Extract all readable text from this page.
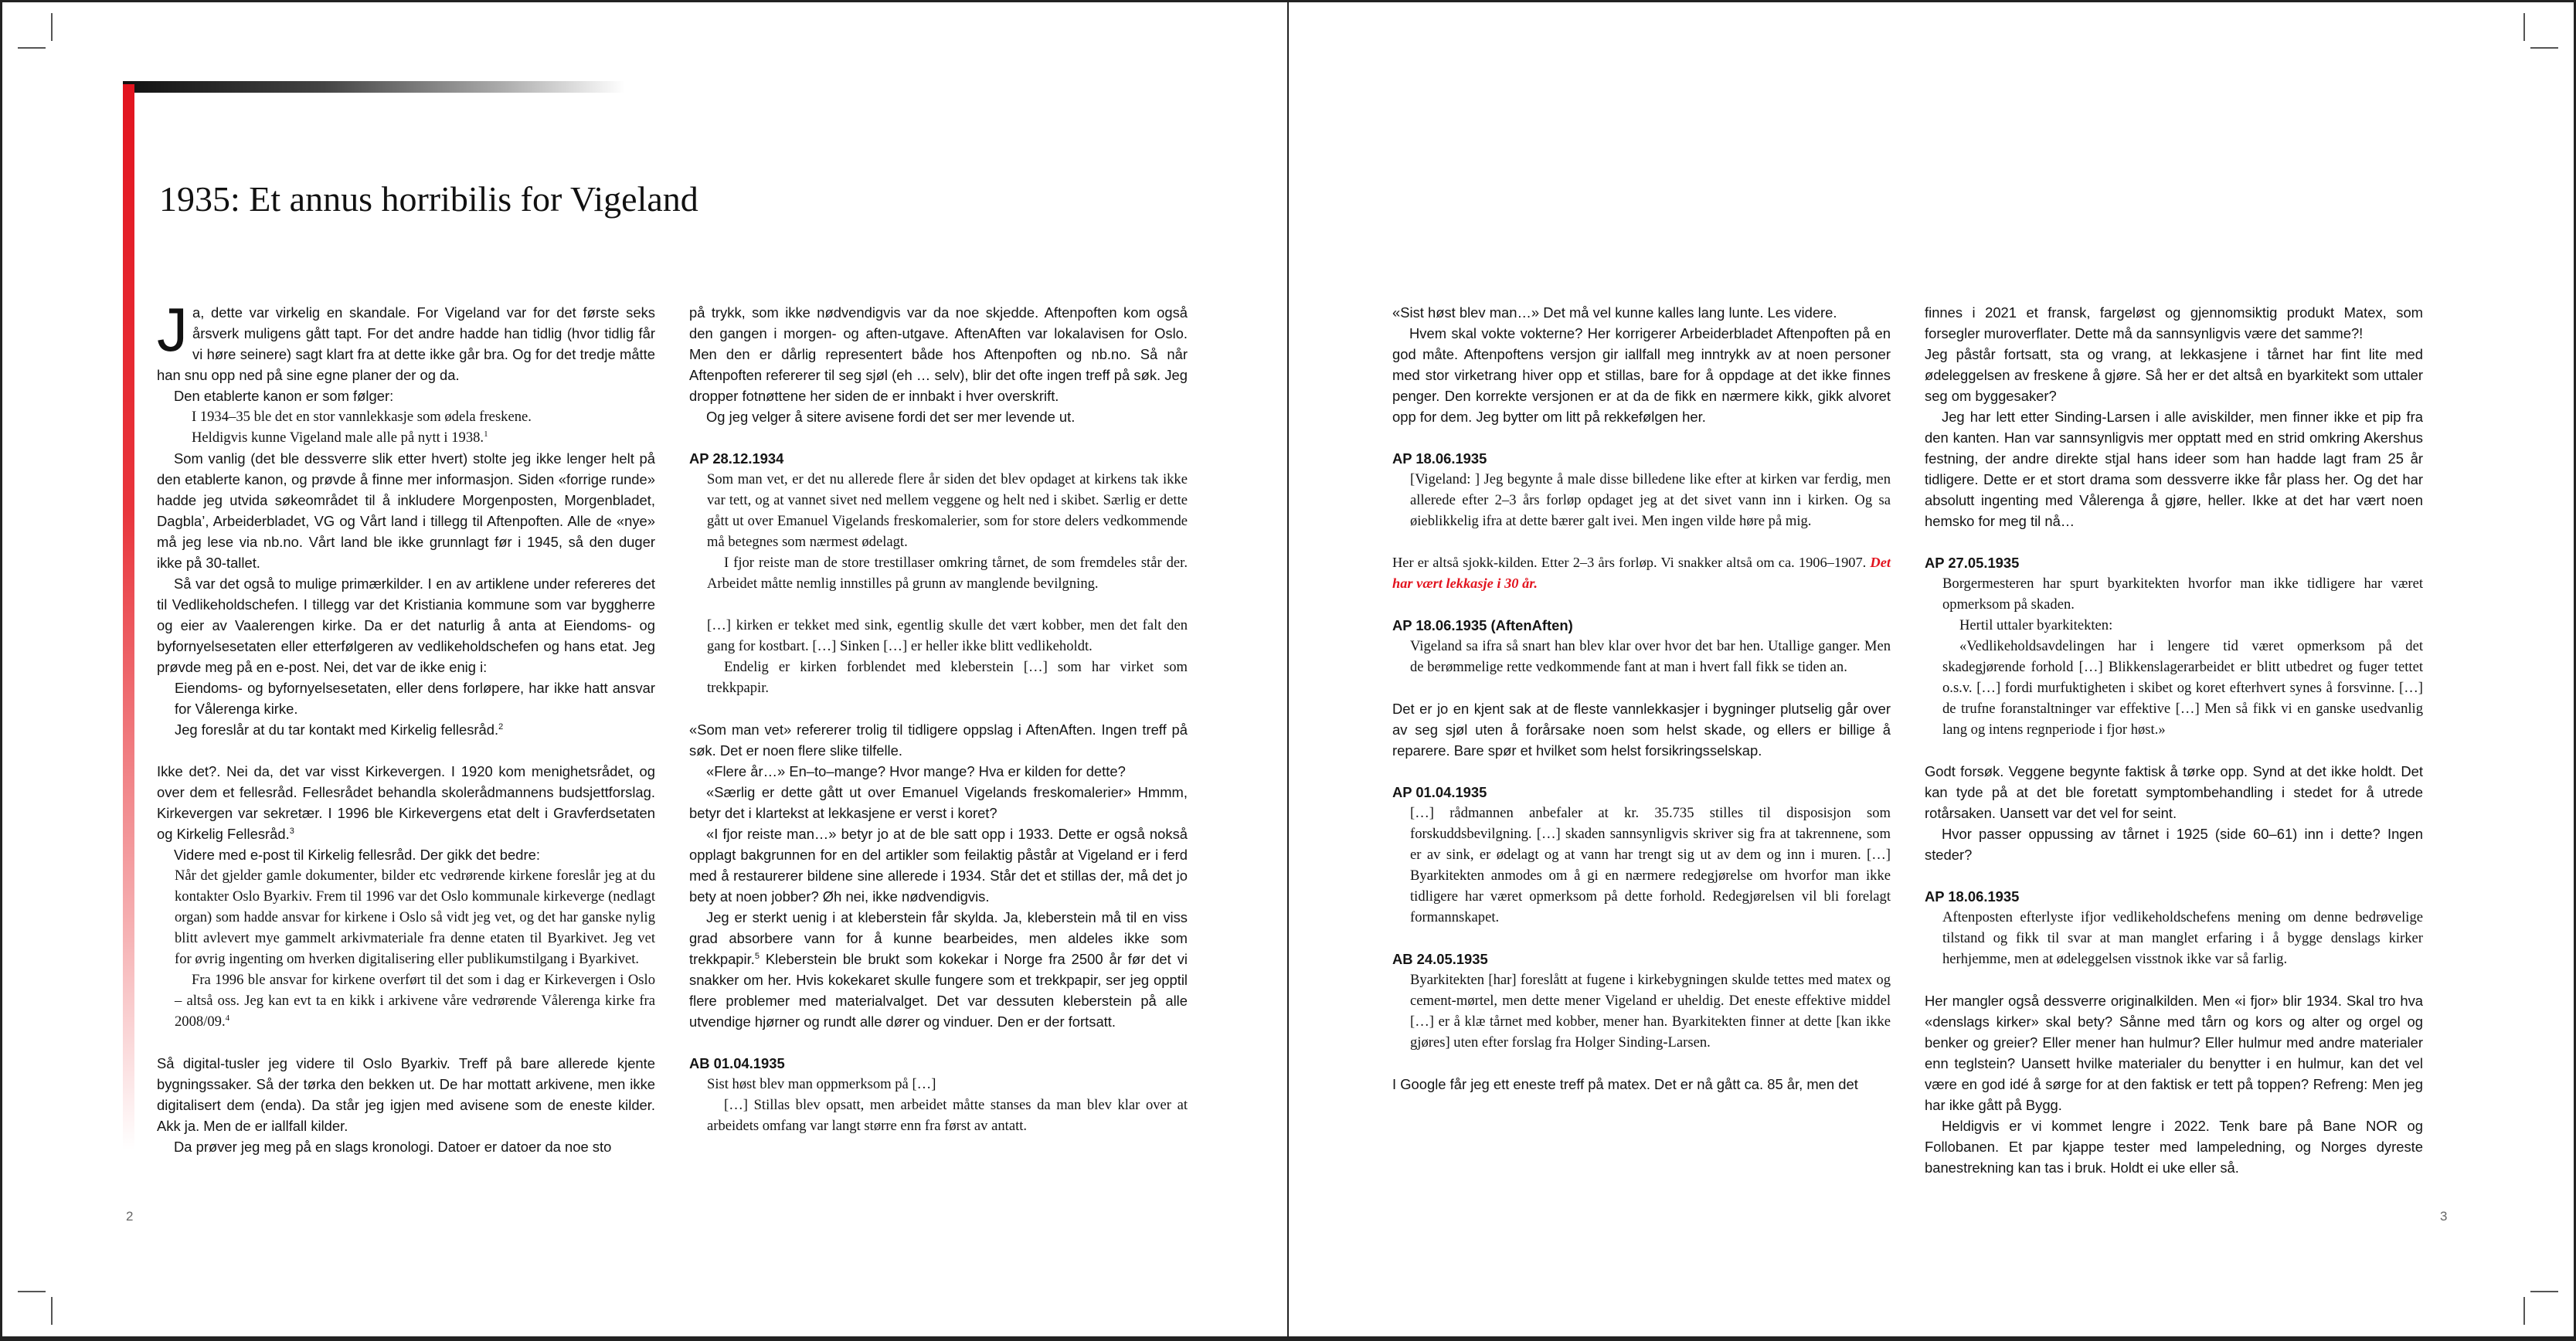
1935: Et annus horribilis for Vigeland

Ja, dette var virkelig en skandale. For Vigeland var for det første seks årsverk muligens gått tapt. For det andre hadde han tidlig (hvor tidlig får vi høre seinere) sagt klart fra at dette ikke går bra. Og for det tredje måtte han snu opp ned på sine egne planer der og da.

Den etablerte kanon er som følger:

I 1934–35 ble det en stor vannlekkasje som ødela freskene.

Heldigvis kunne Vigeland male alle på nytt i 1938.$^1$

Som vanlig (det ble dessverre slik etter hvert) stolte jeg ikke lenger helt på den etablerte kanon, og prøvde å finne mer informasjon. Siden «forrige runde» hadde jeg utvida søkeområdet til å inkludere Morgenposten, Morgenbladet, Dagbla’, Arbeiderbladet, VG og Vårt land i tillegg til Aftenpoften. Alle de «nye» må jeg lese via nb.no. Vårt land ble ikke grunnlagt før i 1945, så den duger ikke på 30-tallet.

Så var det også to mulige primærkilder. I en av artiklene under refereres det til Vedlikeholdschefen. I tillegg var det Kristiania kommune som var byggherre og eier av Vaalerengen kirke. Da er det naturlig å anta at Eiendoms- og byfornyelsesetaten eller etterfølgeren av vedlikeholdschefen og hans etat. Jeg prøvde meg på en e-post. Nei, det var de ikke enig i:

Eiendoms- og byfornyelsesetaten, eller dens forløpere, har ikke hatt ansvar for Vålerenga kirke.

Jeg foreslår at du tar kontakt med Kirkelig fellesråd.$^2$

Ikke det?. Nei da, det var visst Kirkevergen. I 1920 kom menighetsrådet, og over dem et fellesråd. Fellesrådet behandla skolerådmannens budsjettforslag. Kirkevergen var sekretær. I 1996 ble Kirkevergens etat delt i Gravferdsetaten og Kirkelig Fellesråd.$^3$

Videre med e-post til Kirkelig fellesråd. Der gikk det bedre:

Når det gjelder gamle dokumenter, bilder etc vedrørende kirkene foreslår jeg at du kontakter Oslo Byarkiv. Frem til 1996 var det Oslo kommunale kirkeverge (nedlagt organ) som hadde ansvar for kirkene i Oslo så vidt jeg vet, og det har ganske nylig blitt avlevert mye gammelt arkivmateriale fra denne etaten til Byarkivet. Jeg vet for øvrig ingenting om hverken digitalisering eller publikumstilgang i Byarkivet.

Fra 1996 ble ansvar for kirkene overført til det som i dag er Kirkevergen i Oslo – altså oss. Jeg kan evt ta en kikk i arkivene våre vedrørende Vålerenga kirke fra 2008/09.$^4$

Så digital-tusler jeg videre til Oslo Byarkiv. Treff på bare allerede kjente bygningssaker. Så der tørka den bekken ut. De har mottatt arkivene, men ikke digitalisert dem (enda). Da står jeg igjen med avisene som de eneste kilder. Akk ja. Men de er iallfall kilder.

Da prøver jeg meg på en slags kronologi. Datoer er datoer da noe sto

på trykk, som ikke nødvendigvis var da noe skjedde. Aftenpoften kom også den gangen i morgen- og aften-utgave. AftenAften var lokalavisen for Oslo. Men den er dårlig representert både hos Aftenpoften og nb.no. Så når Aftenpoften refererer til seg sjøl (eh … selv), blir det ofte ingen treff på søk. Jeg dropper fotnøttene her siden de er innbakt i hver overskrift.

Og jeg velger å sitere avisene fordi det ser mer levende ut.

AP 28.12.1934

Som man vet, er det nu allerede flere år siden det blev opdaget at kirkens tak ikke var tett, og at vannet sivet ned mellem veggene og helt ned i skibet. Særlig er dette gått ut over Emanuel Vigelands freskomalerier, som for store delers vedkommende må betegnes som nærmest ødelagt.

I fjor reiste man de store trestillaser omkring tårnet, de som fremdeles står der. Arbeidet måtte nemlig innstilles på grunn av manglende bevilgning.

[…] kirken er tekket med sink, egentlig skulle det vært kobber, men det falt den gang for kostbart. […] Sinken […] er heller ikke blitt vedlikeholdt.

Endelig er kirken forblendet med kleberstein […] som har virket som trekkpapir.

«Som man vet» refererer trolig til tidligere oppslag i AftenAften. Ingen treff på søk. Det er noen flere slike tilfelle.

«Flere år…» En–to–mange? Hvor mange? Hva er kilden for dette?

«Særlig er dette gått ut over Emanuel Vigelands freskomalerier» Hmmm, betyr det i klartekst at lekkasjene er verst i koret?

«I fjor reiste man…» betyr jo at de ble satt opp i 1933. Dette er også nokså opplagt bakgrunnen for en del artikler som feilaktig påstår at Vigeland er i ferd med å restaurerer bildene sine allerede i 1934. Står det et stillas der, må det jo bety at noen jobber? Øh nei, ikke nødvendigvis.

Jeg er sterkt uenig i at kleberstein får skylda. Ja, kleberstein må til en viss grad absorbere vann for å kunne bearbeides, men aldeles ikke som trekkpapir.$^5$ Kleberstein ble brukt som kokekar i Norge fra 2500 år før det vi snakker om her. Hvis kokekaret skulle fungere som et trekkpapir, ser jeg opptil flere problemer med materialvalget. Det var dessuten kleberstein på alle utvendige hjørner og rundt alle dører og vinduer. Den er der fortsatt.

AB 01.04.1935

Sist høst blev man oppmerksom på […]

[…] Stillas blev opsatt, men arbeidet måtte stanses da man blev klar over at arbeidets omfang var langt større enn fra først av antatt.

2

«Sist høst blev man…» Det må vel kunne kalles lang lunte. Les videre.

Hvem skal vokte vokterne? Her korrigerer Arbeiderbladet Aftenpoften på en god måte. Aftenpoftens versjon gir iallfall meg inntrykk av at noen personer med stor virketrang hiver opp et stillas, bare for å oppdage at det ikke finnes penger. Den korrekte versjonen er at da de fikk en nærmere kikk, gikk alvoret opp for dem. Jeg bytter om litt på rekkefølgen her.

AP 18.06.1935

[Vigeland: ] Jeg begynte å male disse billedene like efter at kirken var ferdig, men allerede efter 2–3 års forløp opdaget jeg at det sivet vann inn i kirken. Og sa øieblikkelig ifra at dette bærer galt ivei. Men ingen vilde høre på mig.

Her er altså sjokk-kilden. Etter 2–3 års forløp. Vi snakker altså om ca. 1906–1907. Det har vært lekkasje i 30 år.

AP 18.06.1935 (AftenAften)

Vigeland sa ifra så snart han blev klar over hvor det bar hen. Utallige ganger. Men de berømmelige rette vedkommende fant at man i hvert fall fikk se tiden an.

Det er jo en kjent sak at de fleste vannlekkasjer i bygninger plutselig går over av seg sjøl uten å forårsake noen som helst skade, og ellers er billige å reparere. Bare spør et hvilket som helst forsikringsselskap.

AP 01.04.1935

[…] rådmannen anbefaler at kr. 35.735 stilles til disposisjon som forskuddsbevilgning. […] skaden sannsynligvis skriver sig fra at takrennene, som er av sink, er ødelagt og at vann har trengt sig ut av dem og inn i muren. […] Byarkitekten anmodes om å gi en nærmere redegjørelse om hvorfor man ikke tidligere har været opmerksom på dette forhold. Redegjørelsen vil bli forelagt formannskapet.

AB 24.05.1935

Byarkitekten [har] foreslått at fugene i kirkebygningen skulde tettes med matex og cement-mørtel, men dette mener Vigeland er uheldig. Det eneste effektive middel […] er å klæ tårnet med kobber, mener han. Byarkitekten finner at dette [kan ikke gjøres] uten efter forslag fra Holger Sinding-Larsen.

I Google får jeg ett eneste treff på matex. Det er nå gått ca. 85 år, men det

finnes i 2021 et fransk, fargeløst og gjennomsiktig produkt Matex, som forsegler muroverflater. Dette må da sannsynligvis være det samme?!

Jeg påstår fortsatt, sta og vrang, at lekkasjene i tårnet har fint lite med ødeleggelsen av freskene å gjøre. Så her er det altså en byarkitekt som uttaler seg om byggesaker?

Jeg har lett etter Sinding-Larsen i alle aviskilder, men finner ikke et pip fra den kanten. Han var sannsynligvis mer opptatt med en strid omkring Akershus festning, der andre direkte stjal hans ideer som han hadde lagt fram 25 år tidligere. Dette er et stort drama som dessverre ikke får plass her. Og det har absolutt ingenting med Vålerenga å gjøre, heller. Ikke at det har vært noen hemsko for meg til nå…

AP 27.05.1935

Borgermesteren har spurt byarkitekten hvorfor man ikke tidligere har været opmerksom på skaden.

Hertil uttaler byarkitekten:

«Vedlikeholdsavdelingen har i lengere tid været opmerksom på det skadegjørende forhold […] Blikkenslagerarbeidet er blitt utbedret og fuger tettet o.s.v. […] fordi murfuktigheten i skibet og koret efterhvert synes å forsvinne. […] de trufne foranstaltninger var effektive […] Men så fikk vi en ganske usedvanlig lang og intens regnperiode i fjor høst.»

Godt forsøk. Veggene begynte faktisk å tørke opp. Synd at det ikke holdt. Det kan tyde på at det ble foretatt symptombehandling i stedet for å utrede rotårsaken. Uansett var det vel for seint.

Hvor passer oppussing av tårnet i 1925 (side 60–61) inn i dette? Ingen steder?

AP 18.06.1935

Aftenposten efterlyste ifjor vedlikeholdschefens mening om denne bedrøvelige tilstand og fikk til svar at man manglet erfaring i å bygge denslags kirker herhjemme, men at ødeleggelsen visstnok ikke var så farlig.

Her mangler også dessverre originalkilden. Men «i fjor» blir 1934. Skal tro hva «denslags kirker» skal bety? Sånne med tårn og kors og alter og orgel og benker og greier? Eller mener han hulmur? Eller hulmur med andre materialer enn teglstein? Uansett hvilke materialer du benytter i en hulmur, kan det vel være en god idé å sørge for at den faktisk er tett på toppen? Refreng: Men jeg har ikke gått på Bygg.

Heldigvis er vi kommet lengre i 2022. Tenk bare på Bane NOR og Follobanen. Et par kjappe tester med lampeledning, og Norges dyreste banestrekning kan tas i bruk. Holdt ei uke eller så.

3
